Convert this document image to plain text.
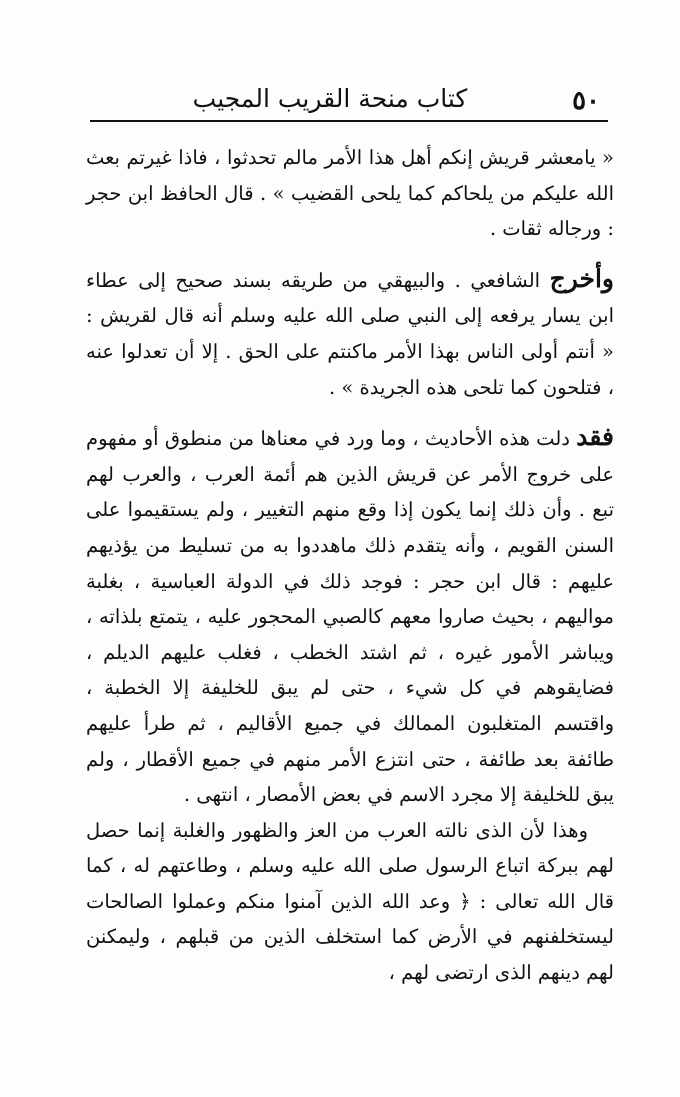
٥٠
كتاب منحة القريب المجيب

« يامعشر قريش إنكم أهل هذا الأمر مالم تحدثوا ، فاذا غيرتم بعث الله عليكم من يلحاكم كما يلحى القضيب » . قال الحافظ ابن حجر : ورجاله ثقات .

وأخرج الشافعي . والبيهقي من طريقه بسند صحيح إلى عطاء ابن يسار يرفعه إلى النبي صلى الله عليه وسلم أنه قال لقريش : « أنتم أولى الناس بهذا الأمر ماكنتم على الحق . إلا أن تعدلوا عنه ، فتلحون كما تلحى هذه الجريدة » .

فقد دلت هذه الأحاديث ، وما ورد في معناها من منطوق أو مفهوم على خروج الأمر عن قريش الذين هم أئمة العرب ، والعرب لهم تبع . وأن ذلك إنما يكون إذا وقع منهم التغيير ، ولم يستقيموا على السنن القويم ، وأنه يتقدم ذلك ماهددوا به من تسليط من يؤذيهم عليهم : قال ابن حجر : فوجد ذلك في الدولة العباسية ، بغلبة مواليهم ، بحيث صاروا معهم كالصبي المحجور عليه ، يتمتع بلذاته ، ويباشر الأمور غيره ، ثم اشتد الخطب ، فغلب عليهم الديلم ، فضايقوهم في كل شيء ، حتى لم يبق للخليفة إلا الخطبة ، واقتسم المتغلبون الممالك في جميع الأقاليم ، ثم طرأ عليهم طائفة بعد طائفة ، حتى انتزع الأمر منهم في جميع الأقطار ، ولم يبق للخليفة إلا مجرد الاسم في بعض الأمصار ، انتهى .

وهذا لأن الذى نالته العرب من العز والظهور والغلبة إنما حصل لهم ببركة اتباع الرسول صلى الله عليه وسلم ، وطاعتهم له ، كما قال الله تعالى : ﴿ وعد الله الذين آمنوا منكم وعملوا الصالحات ليستخلفنهم في الأرض كما استخلف الذين من قبلهم ، وليمكنن لهم دينهم الذى ارتضى لهم ،
